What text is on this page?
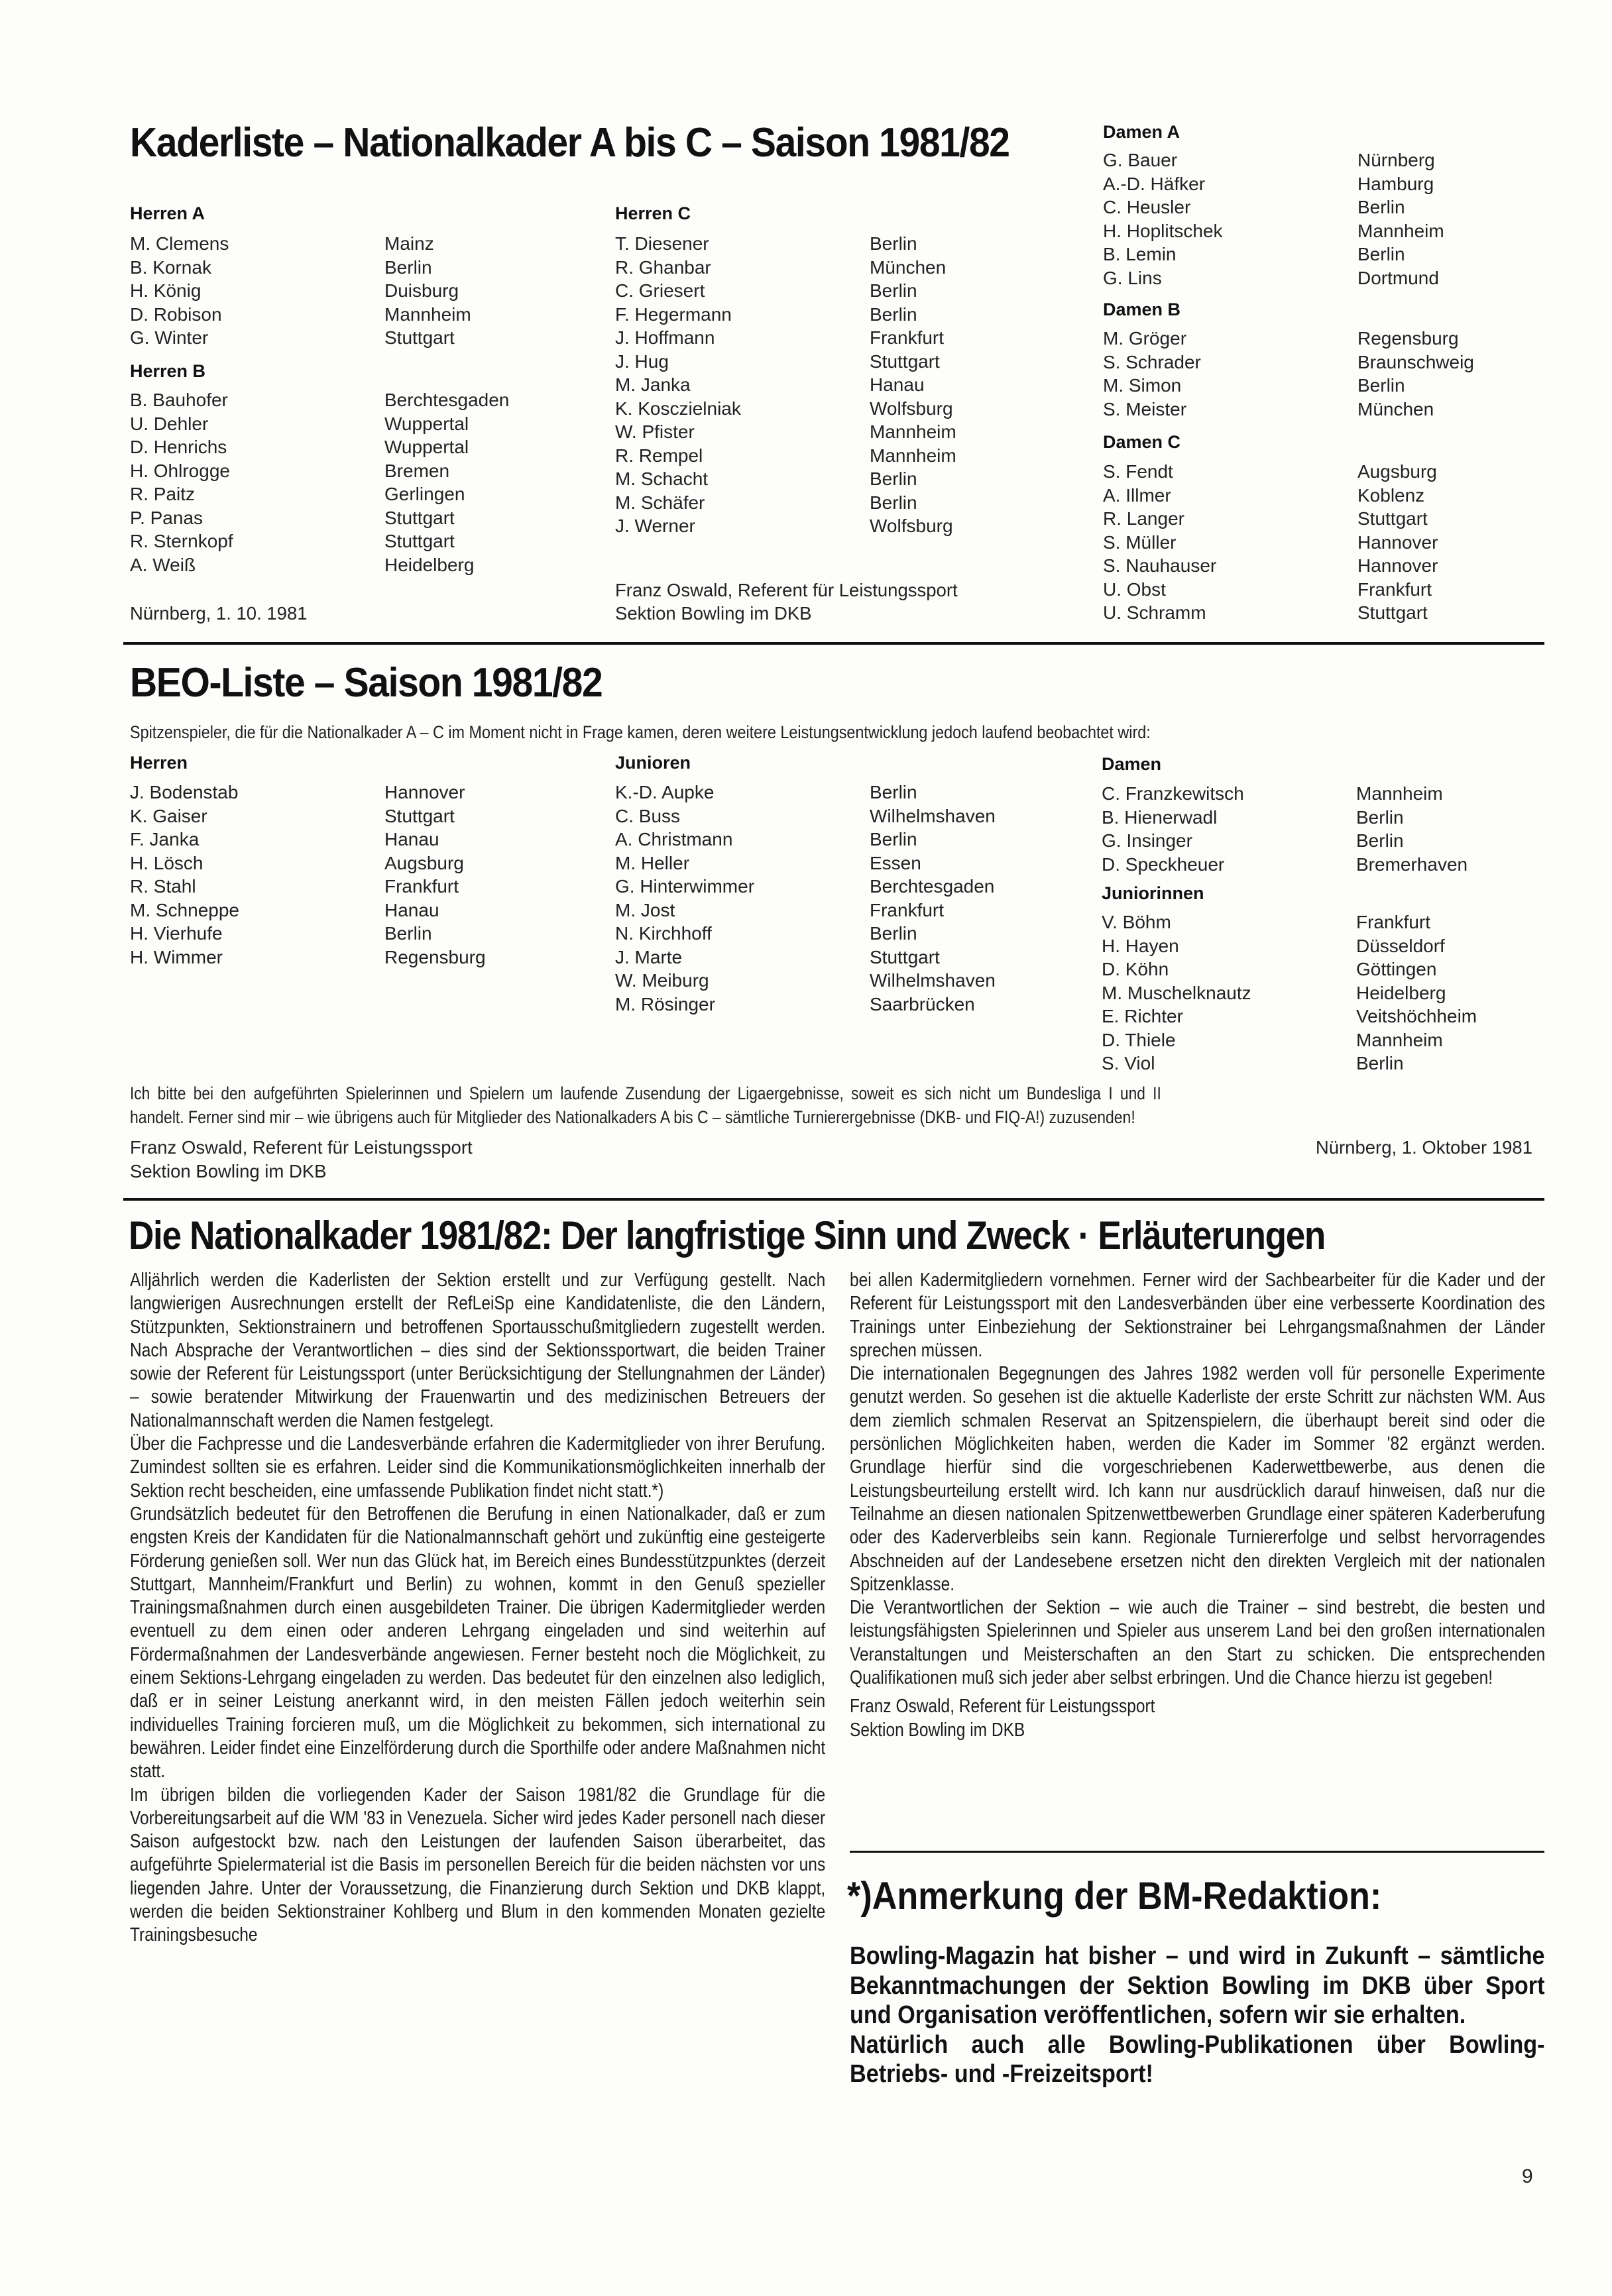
Kaderliste – Nationalkader A bis C – Saison 1981/82
Herren A
M. Clemens	Mainz
B. Kornak	Berlin
H. König	Duisburg
D. Robison	Mannheim
G. Winter	Stuttgart
Herren B
B. Bauhofer	Berchtesgaden
U. Dehler	Wuppertal
D. Henrichs	Wuppertal
H. Ohlrogge	Bremen
R. Paitz	Gerlingen
P. Panas	Stuttgart
R. Sternkopf	Stuttgart
A. Weiß	Heidelberg
Nürnberg, 1. 10. 1981
Herren C
T. Diesener	Berlin
R. Ghanbar	München
C. Griesert	Berlin
F. Hegermann	Berlin
J. Hoffmann	Frankfurt
J. Hug	Stuttgart
M. Janka	Hanau
K. Kosczielniak	Wolfsburg
W. Pfister	Mannheim
R. Rempel	Mannheim
M. Schacht	Berlin
M. Schäfer	Berlin
J. Werner	Wolfsburg
Franz Oswald, Referent für Leistungssport
Sektion Bowling im DKB
Damen A
G. Bauer	Nürnberg
A.-D. Häfker	Hamburg
C. Heusler	Berlin
H. Hoplitschek	Mannheim
B. Lemin	Berlin
G. Lins	Dortmund
Damen B
M. Gröger	Regensburg
S. Schrader	Braunschweig
M. Simon	Berlin
S. Meister	München
Damen C
S. Fendt	Augsburg
A. Illmer	Koblenz
R. Langer	Stuttgart
S. Müller	Hannover
S. Nauhauser	Hannover
U. Obst	Frankfurt
U. Schramm	Stuttgart
BEO-Liste – Saison 1981/82
Spitzenspieler, die für die Nationalkader A – C im Moment nicht in Frage kamen, deren weitere Leistungsentwicklung jedoch laufend beobachtet wird:
Herren
J. Bodenstab	Hannover
K. Gaiser	Stuttgart
F. Janka	Hanau
H. Lösch	Augsburg
R. Stahl	Frankfurt
M. Schneppe	Hanau
H. Vierhufe	Berlin
H. Wimmer	Regensburg
Junioren
K.-D. Aupke	Berlin
C. Buss	Wilhelmshaven
A. Christmann	Berlin
M. Heller	Essen
G. Hinterwimmer	Berchtesgaden
M. Jost	Frankfurt
N. Kirchhoff	Berlin
J. Marte	Stuttgart
W. Meiburg	Wilhelmshaven
M. Rösinger	Saarbrücken
Damen
C. Franzkewitsch	Mannheim
B. Hienerwadl	Berlin
G. Insinger	Berlin
D. Speckheuer	Bremerhaven
Juniorinnen
V. Böhm	Frankfurt
H. Hayen	Düsseldorf
D. Köhn	Göttingen
M. Muschelknautz	Heidelberg
E. Richter	Veitshöchheim
D. Thiele	Mannheim
S. Viol	Berlin
Ich bitte bei den aufgeführten Spielerinnen und Spielern um laufende Zusendung der Ligaergebnisse, soweit es sich nicht um Bundesliga I und II
handelt. Ferner sind mir – wie übrigens auch für Mitglieder des Nationalkaders A bis C – sämtliche Turnierergebnisse (DKB- und FIQ-A!) zuzusenden!
Franz Oswald, Referent für Leistungssport
Sektion Bowling im DKB
Nürnberg, 1. Oktober 1981
Die Nationalkader 1981/82: Der langfristige Sinn und Zweck · Erläuterungen

Alljährlich werden die Kaderlisten der Sektion erstellt und zur Verfügung gestellt. Nach langwierigen Ausrechnungen erstellt der RefLeiSp eine Kandidatenliste, die den Ländern, Stützpunkten, Sektionstrainern und betroffenen Sportausschußmitgliedern zugestellt werden. Nach Absprache der Verantwortlichen – dies sind der Sektionssportwart, die beiden Trainer sowie der Referent für Leistungssport (unter Berücksichtigung der Stellungnahmen der Länder) – sowie beratender Mitwirkung der Frauenwartin und des medizinischen Betreuers der Nationalmannschaft werden die Namen festgelegt.

Über die Fachpresse und die Landesverbände erfahren die Kadermitglieder von ihrer Berufung. Zumindest sollten sie es erfahren. Leider sind die Kommunikationsmöglichkeiten innerhalb der Sektion recht bescheiden, eine umfassende Publikation findet nicht statt.*)

Grundsätzlich bedeutet für den Betroffenen die Berufung in einen Nationalkader, daß er zum engsten Kreis der Kandidaten für die Nationalmannschaft gehört und zukünftig eine gesteigerte Förderung genießen soll. Wer nun das Glück hat, im Bereich eines Bundesstützpunktes (derzeit Stuttgart, Mannheim/Frankfurt und Berlin) zu wohnen, kommt in den Genuß spezieller Trainingsmaßnahmen durch einen ausgebildeten Trainer. Die übrigen Kadermitglieder werden eventuell zu dem einen oder anderen Lehrgang eingeladen und sind weiterhin auf Fördermaßnahmen der Landesverbände angewiesen. Ferner besteht noch die Möglichkeit, zu einem Sektions-Lehrgang eingeladen zu werden. Das bedeutet für den einzelnen also lediglich, daß er in seiner Leistung anerkannt wird, in den meisten Fällen jedoch weiterhin sein individuelles Training forcieren muß, um die Möglichkeit zu bekommen, sich international zu bewähren. Leider findet eine Einzelförderung durch die Sporthilfe oder andere Maßnahmen nicht statt.

Im übrigen bilden die vorliegenden Kader der Saison 1981/82 die Grundlage für die Vorbereitungsarbeit auf die WM '83 in Venezuela. Sicher wird jedes Kader personell nach dieser Saison aufgestockt bzw. nach den Leistungen der laufenden Saison überarbeitet, das aufgeführte Spielermaterial ist die Basis im personellen Bereich für die beiden nächsten vor uns liegenden Jahre. Unter der Voraussetzung, die Finanzierung durch Sektion und DKB klappt, werden die beiden Sektionstrainer Kohlberg und Blum in den kommenden Monaten gezielte Trainingsbesuche

bei allen Kadermitgliedern vornehmen. Ferner wird der Sachbearbeiter für die Kader und der Referent für Leistungssport mit den Landesverbänden über eine verbesserte Koordination des Trainings unter Einbeziehung der Sektionstrainer bei Lehrgangsmaßnahmen der Länder sprechen müssen.

Die internationalen Begegnungen des Jahres 1982 werden voll für personelle Experimente genutzt werden. So gesehen ist die aktuelle Kaderliste der erste Schritt zur nächsten WM. Aus dem ziemlich schmalen Reservat an Spitzenspielern, die überhaupt bereit sind oder die persönlichen Möglichkeiten haben, werden die Kader im Sommer '82 ergänzt werden. Grundlage hierfür sind die vorgeschriebenen Kaderwettbewerbe, aus denen die Leistungsbeurteilung erstellt wird. Ich kann nur ausdrücklich darauf hinweisen, daß nur die Teilnahme an diesen nationalen Spitzenwettbewerben Grundlage einer späteren Kaderberufung oder des Kaderverbleibs sein kann. Regionale Turniererfolge und selbst hervorragendes Abschneiden auf der Landesebene ersetzen nicht den direkten Vergleich mit der nationalen Spitzenklasse.

Die Verantwortlichen der Sektion – wie auch die Trainer – sind bestrebt, die besten und leistungsfähigsten Spielerinnen und Spieler aus unserem Land bei den großen internationalen Veranstaltungen und Meisterschaften an den Start zu schicken. Die entsprechenden Qualifikationen muß sich jeder aber selbst erbringen. Und die Chance hierzu ist gegeben!

Franz Oswald, Referent für Leistungssport

Sektion Bowling im DKB

*)Anmerkung der BM-Redaktion:

Bowling-Magazin hat bisher – und wird in Zukunft – sämtliche Bekanntmachungen der Sektion Bowling im DKB über Sport und Organisation veröffentlichen, sofern wir sie erhalten.

Natürlich auch alle Bowling-Publikationen über Bowling-Betriebs- und -Freizeitsport!

9
